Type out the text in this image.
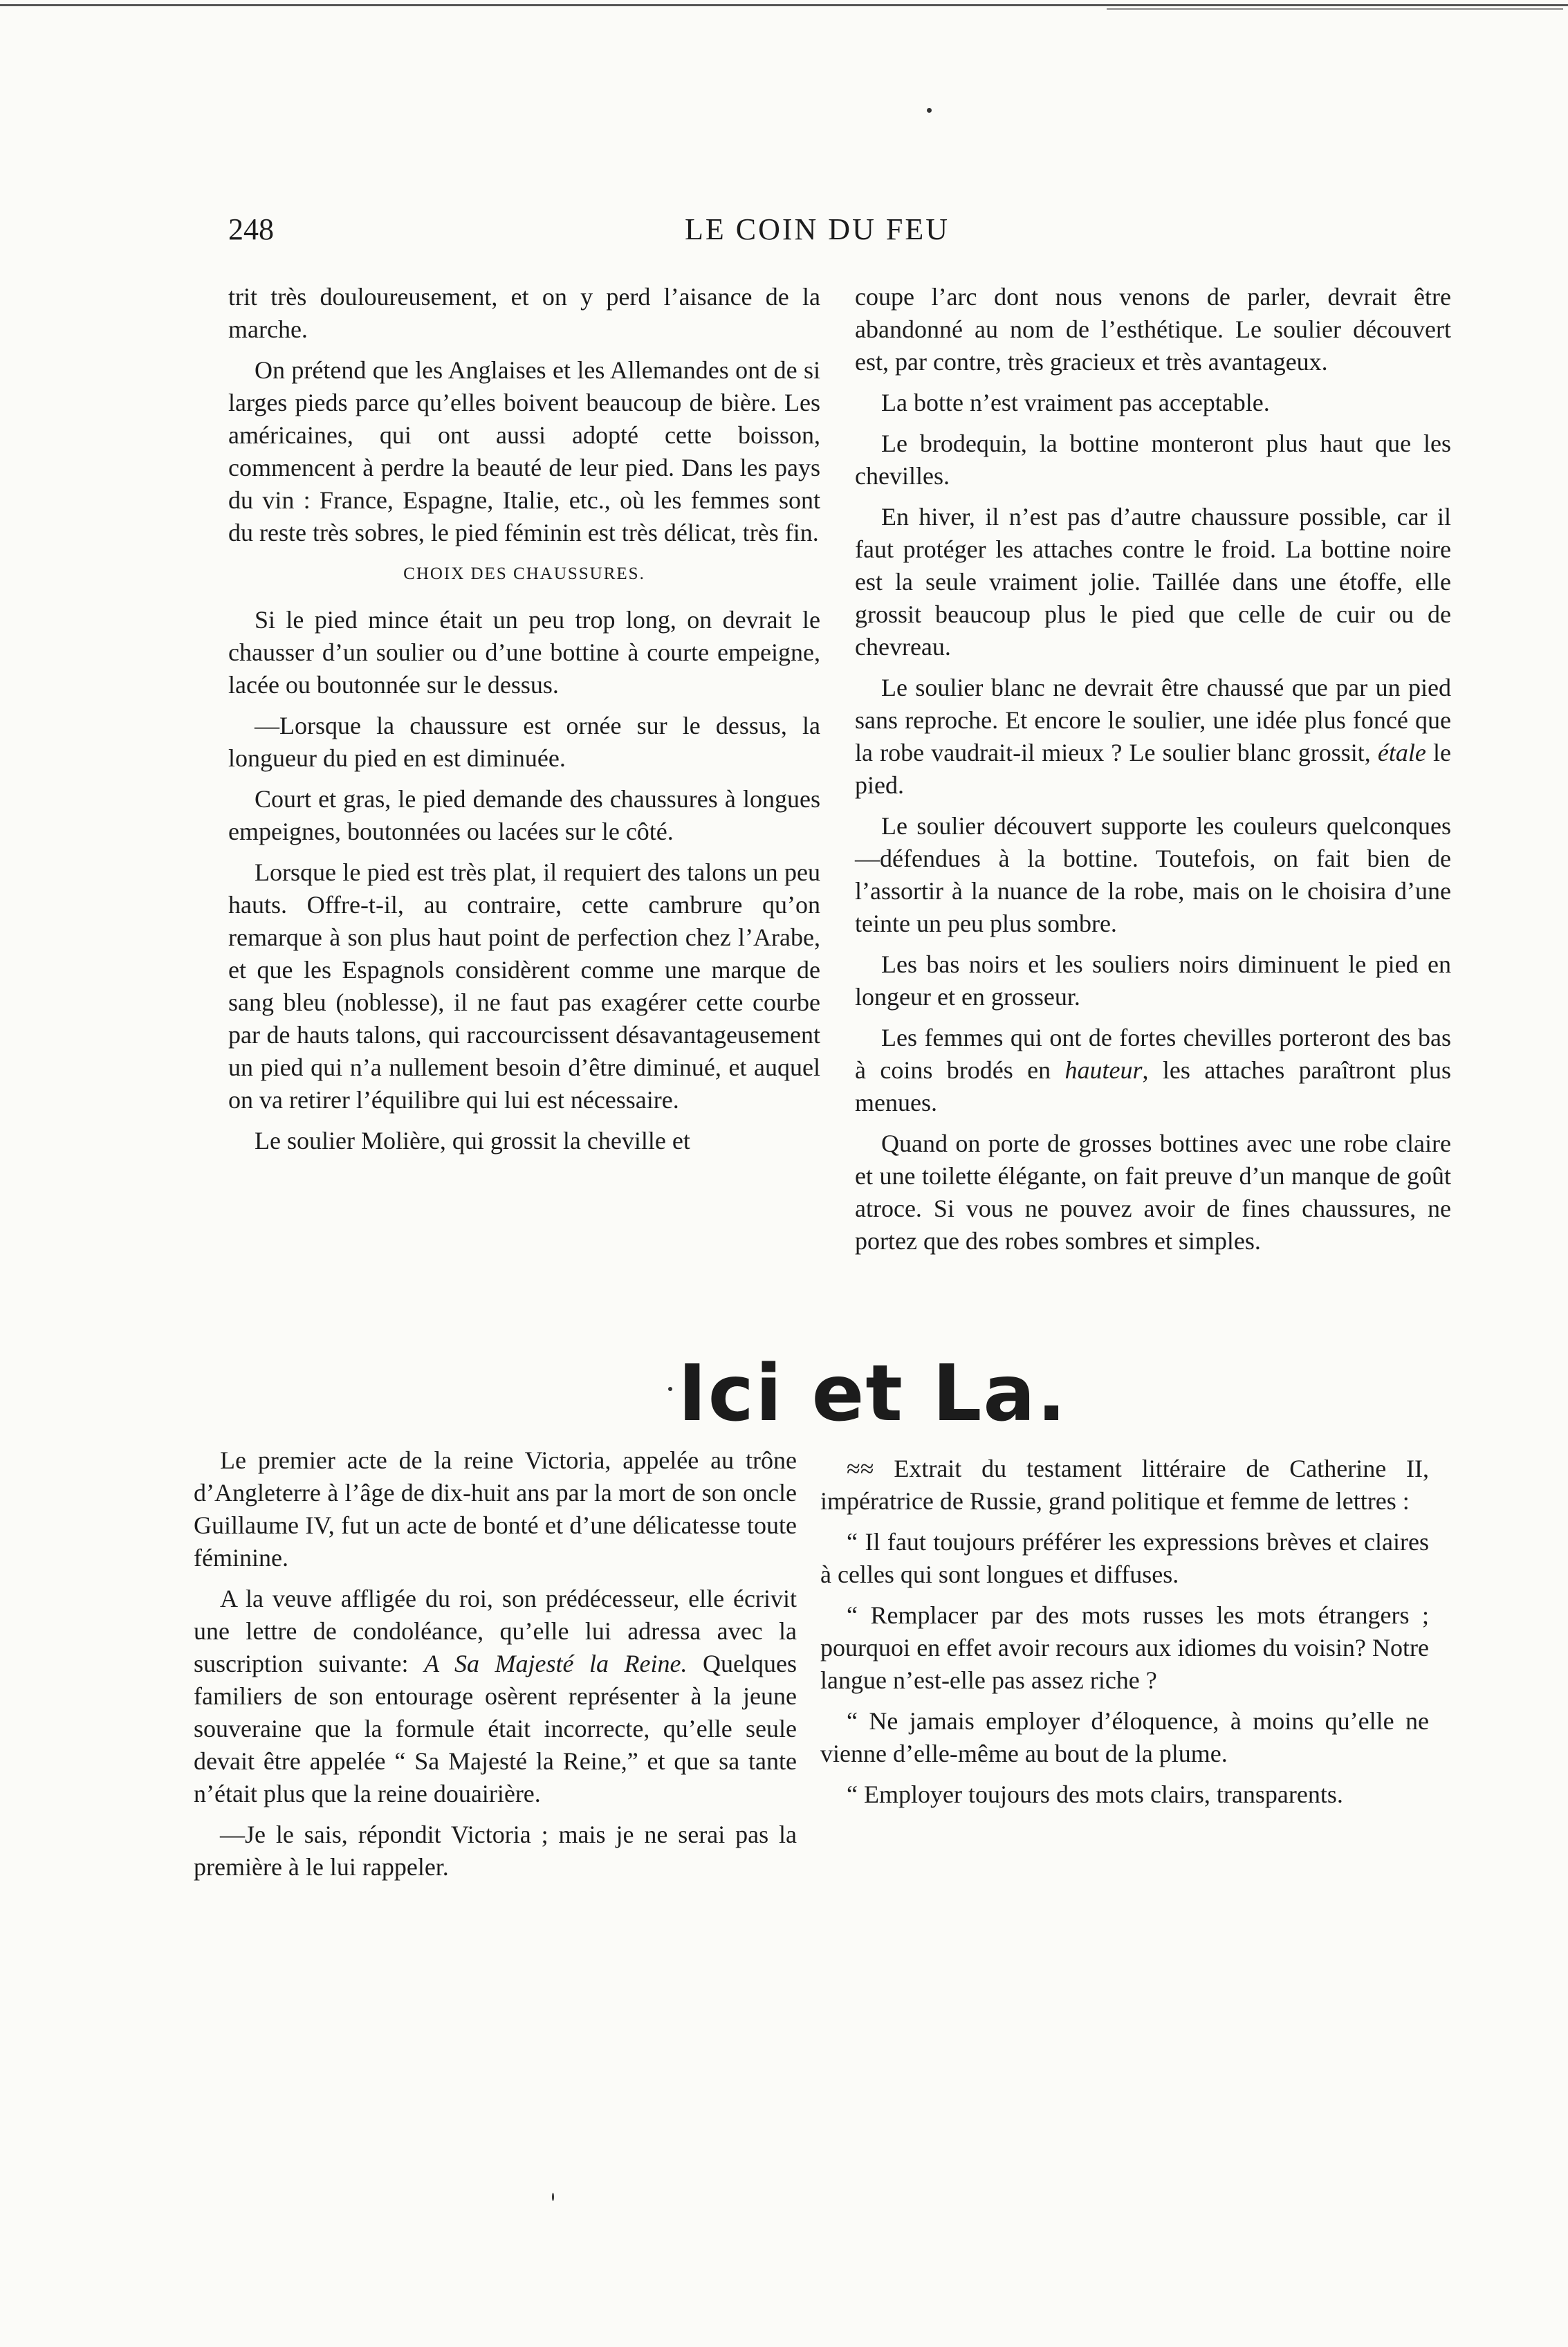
248	LE COIN DU FEU

trit très douloureusement, et on y perd l’aisance de la marche.

On prétend que les Anglaises et les Allemandes ont de si larges pieds parce qu’elles boivent beaucoup de bière. Les américaines, qui ont aussi adopté cette boisson, commencent à perdre la beauté de leur pied. Dans les pays du vin : France, Espagne, Italie, etc., où les femmes sont du reste très sobres, le pied féminin est très délicat, très fin.

CHOIX DES CHAUSSURES.

Si le pied mince était un peu trop long, on devrait le chausser d’un soulier ou d’une bottine à courte empeigne, lacée ou boutonnée sur le dessus.

—Lorsque la chaussure est ornée sur le dessus, la longueur du pied en est diminuée.

Court et gras, le pied demande des chaussures à longues empeignes, boutonnées ou lacées sur le côté.

Lorsque le pied est très plat, il requiert des talons un peu hauts. Offre-t-il, au contraire, cette cambrure qu’on remarque à son plus haut point de perfection chez l’Arabe, et que les Espagnols considèrent comme une marque de sang bleu (noblesse), il ne faut pas exagérer cette courbe par de hauts talons, qui raccourcissent désavantageusement un pied qui n’a nullement besoin d’être diminué, et auquel on va retirer l’équilibre qui lui est nécessaire.

Le soulier Molière, qui grossit la cheville et

coupe l’arc dont nous venons de parler, devrait être abandonné au nom de l’esthétique. Le soulier découvert est, par contre, très gracieux et très avantageux.

La botte n’est vraiment pas acceptable.

Le brodequin, la bottine monteront plus haut que les chevilles.

En hiver, il n’est pas d’autre chaussure possible, car il faut protéger les attaches contre le froid. La bottine noire est la seule vraiment jolie. Taillée dans une étoffe, elle grossit beaucoup plus le pied que celle de cuir ou de chevreau.

Le soulier blanc ne devrait être chaussé que par un pied sans reproche. Et encore le soulier, une idée plus foncé que la robe vaudrait-il mieux ? Le soulier blanc grossit, étale le pied.

Le soulier découvert supporte les couleurs quelconques—défendues à la bottine. Toutefois, on fait bien de l’assortir à la nuance de la robe, mais on le choisira d’une teinte un peu plus sombre.

Les bas noirs et les souliers noirs diminuent le pied en longeur et en grosseur.

Les femmes qui ont de fortes chevilles porteront des bas à coins brodés en hauteur, les attaches paraîtront plus menues.

Quand on porte de grosses bottines avec une robe claire et une toilette élégante, on fait preuve d’un manque de goût atroce. Si vous ne pouvez avoir de fines chaussures, ne portez que des robes sombres et simples.

Ici et La.

Le premier acte de la reine Victoria, appelée au trône d’Angleterre à l’âge de dix-huit ans par la mort de son oncle Guillaume IV, fut un acte de bonté et d’une délicatesse toute féminine.

A la veuve affligée du roi, son prédécesseur, elle écrivit une lettre de condoléance, qu’elle lui adressa avec la suscription suivante: A Sa Majesté la Reine. Quelques familiers de son entourage osèrent représenter à la jeune souveraine que la formule était incorrecte, qu’elle seule devait être appelée “ Sa Majesté la Reine,” et que sa tante n’était plus que la reine douairière.

—Je le sais, répondit Victoria ; mais je ne serai pas la première à le lui rappeler.

≈≈ Extrait du testament littéraire de Catherine II, impératrice de Russie, grand politique et femme de lettres :

“ Il faut toujours préférer les expressions brèves et claires à celles qui sont longues et diffuses.

“ Remplacer par des mots russes les mots étrangers ; pourquoi en effet avoir recours aux idiomes du voisin? Notre langue n’est-elle pas assez riche ?

“ Ne jamais employer d’éloquence, à moins qu’elle ne vienne d’elle-même au bout de la plume.

“ Employer toujours des mots clairs, transparents.
